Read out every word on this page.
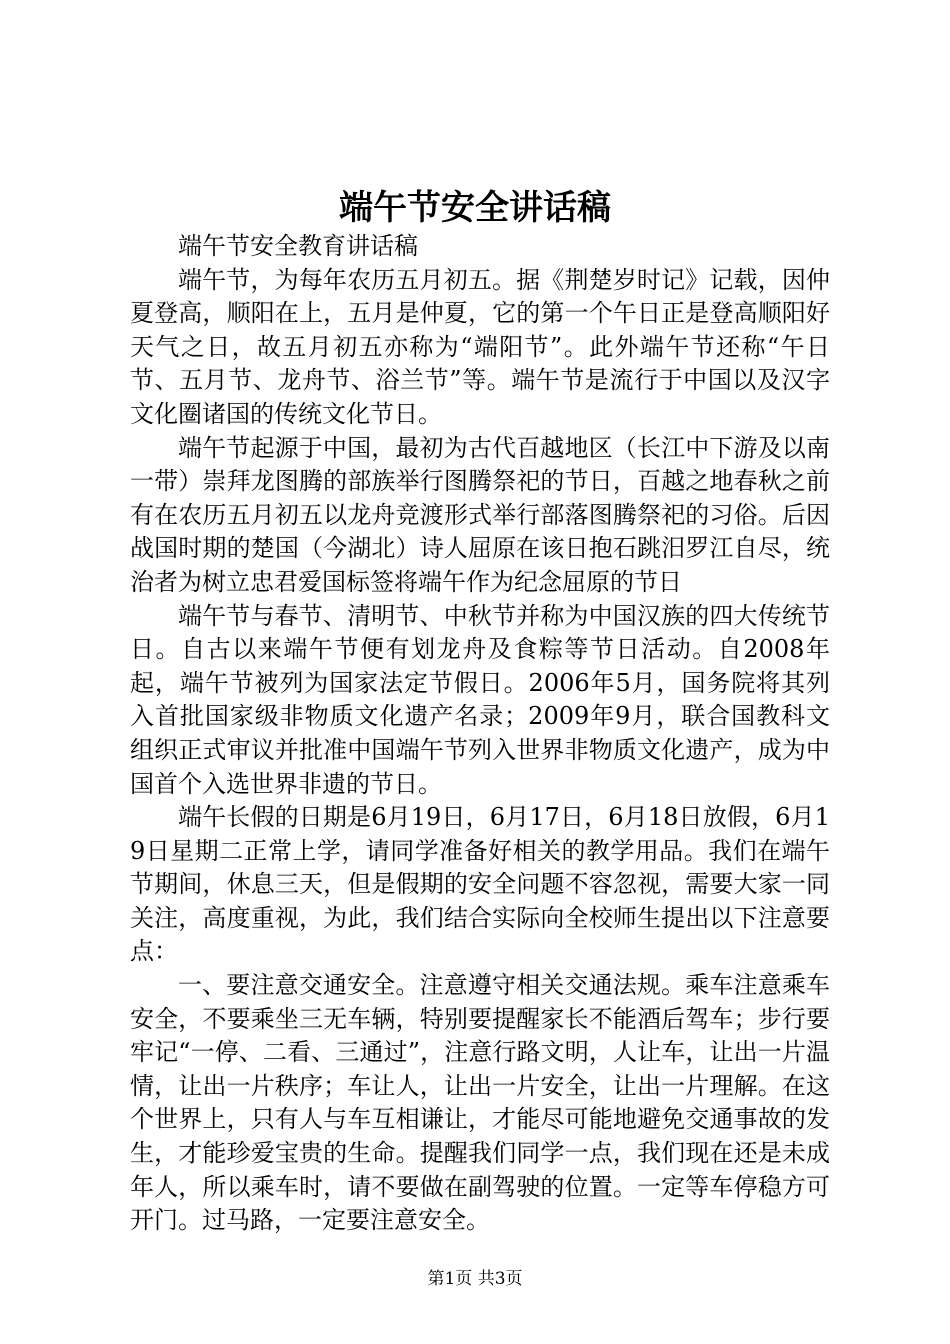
端午节安全讲话稿

端午节安全教育讲话稿

端午节，为每年农历五月初五。据《荆楚岁时记》记载，因仲夏登高，顺阳在上，五月是仲夏，它的第一个午日正是登高顺阳好天气之日，故五月初五亦称为“端阳节”。此外端午节还称“午日节、五月节、龙舟节、浴兰节”等。端午节是流行于中国以及汉字文化圈诸国的传统文化节日。

端午节起源于中国，最初为古代百越地区（长江中下游及以南一带）崇拜龙图腾的部族举行图腾祭祀的节日，百越之地春秋之前有在农历五月初五以龙舟竞渡形式举行部落图腾祭祀的习俗。后因战国时期的楚国（今湖北）诗人屈原在该日抱石跳汨罗江自尽，统治者为树立忠君爱国标签将端午作为纪念屈原的节日

端午节与春节、清明节、中秋节并称为中国汉族的四大传统节日。自古以来端午节便有划龙舟及食粽等节日活动。自2008年起，端午节被列为国家法定节假日。2006年5月，国务院将其列入首批国家级非物质文化遗产名录；2009年9月，联合国教科文组织正式审议并批准中国端午节列入世界非物质文化遗产，成为中国首个入选世界非遗的节日。

端午长假的日期是6月19日，6月17日，6月18日放假，6月19日星期二正常上学，请同学准备好相关的教学用品。我们在端午节期间，休息三天，但是假期的安全问题不容忽视，需要大家一同关注，高度重视，为此，我们结合实际向全校师生提出以下注意要点：

一、要注意交通安全。注意遵守相关交通法规。乘车注意乘车安全，不要乘坐三无车辆，特别要提醒家长不能酒后驾车；步行要牢记“一停、二看、三通过”，注意行路文明，人让车，让出一片温情，让出一片秩序；车让人，让出一片安全，让出一片理解。在这个世界上，只有人与车互相谦让，才能尽可能地避免交通事故的发生，才能珍爱宝贵的生命。提醒我们同学一点，我们现在还是未成年人，所以乘车时，请不要做在副驾驶的位置。一定等车停稳方可开门。过马路，一定要注意安全。

第1页 共3页
